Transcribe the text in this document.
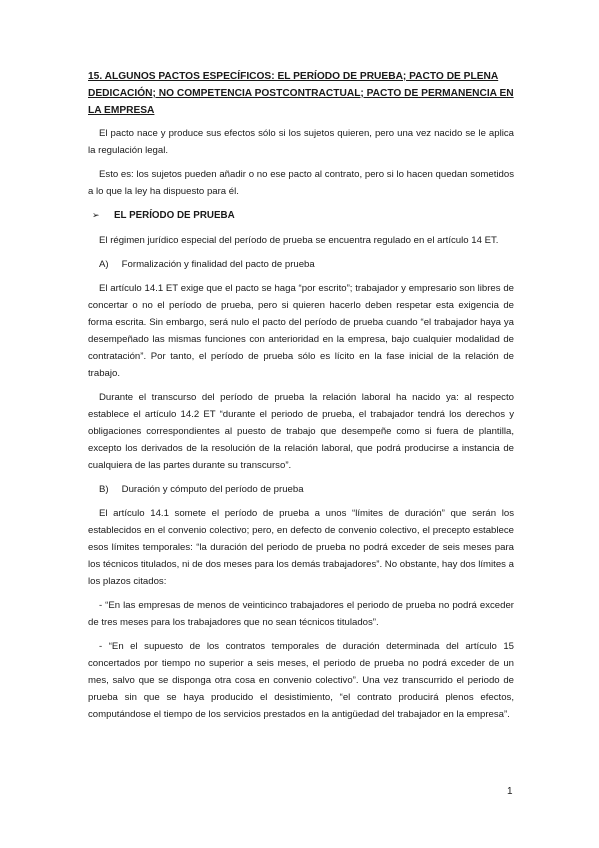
15. ALGUNOS PACTOS ESPECÍFICOS: EL PERÍODO DE PRUEBA; PACTO DE PLENA DEDICACIÓN; NO COMPETENCIA POSTCONTRACTUAL; PACTO DE PERMANENCIA EN LA EMPRESA

El pacto nace y produce sus efectos sólo si los sujetos quieren, pero una vez nacido se le aplica la regulación legal.

Esto es: los sujetos pueden añadir o no ese pacto al contrato, pero si lo hacen quedan sometidos a lo que la ley ha dispuesto para él.

➢	EL PERÍODO DE PRUEBA

El régimen jurídico especial del período de prueba se encuentra regulado en el artículo 14 ET.

A) Formalización y finalidad del pacto de prueba

El artículo 14.1 ET exige que el pacto se haga “por escrito”; trabajador y empresario son libres de concertar o no el período de prueba, pero si quieren hacerlo deben respetar esta exigencia de forma escrita. Sin embargo, será nulo el pacto del período de prueba cuando “el trabajador haya ya desempeñado las mismas funciones con anterioridad en la empresa, bajo cualquier modalidad de contratación”. Por tanto, el período de prueba sólo es lícito en la fase inicial de la relación de trabajo.

Durante el transcurso del período de prueba la relación laboral ha nacido ya: al respecto establece el artículo 14.2 ET “durante el periodo de prueba, el trabajador tendrá los derechos y obligaciones correspondientes al puesto de trabajo que desempeñe como si fuera de plantilla, excepto los derivados de la resolución de la relación laboral, que podrá producirse a instancia de cualquiera de las partes durante su transcurso”.

B) Duración y cómputo del período de prueba

El artículo 14.1 somete el período de prueba a unos “límites de duración” que serán los establecidos en el convenio colectivo; pero, en defecto de convenio colectivo, el precepto establece esos límites temporales: “la duración del periodo de prueba no podrá exceder de seis meses para los técnicos titulados, ni de dos meses para los demás trabajadores”. No obstante, hay dos límites a los plazos citados:

- “En las empresas de menos de veinticinco trabajadores el periodo de prueba no podrá exceder de tres meses para los trabajadores que no sean técnicos titulados”.

- “En el supuesto de los contratos temporales de duración determinada del artículo 15 concertados por tiempo no superior a seis meses, el periodo de prueba no podrá exceder de un mes, salvo que se disponga otra cosa en convenio colectivo”. Una vez transcurrido el periodo de prueba sin que se haya producido el desistimiento, “el contrato producirá plenos efectos, computándose el tiempo de los servicios prestados en la antigüedad del trabajador en la empresa”.

1
